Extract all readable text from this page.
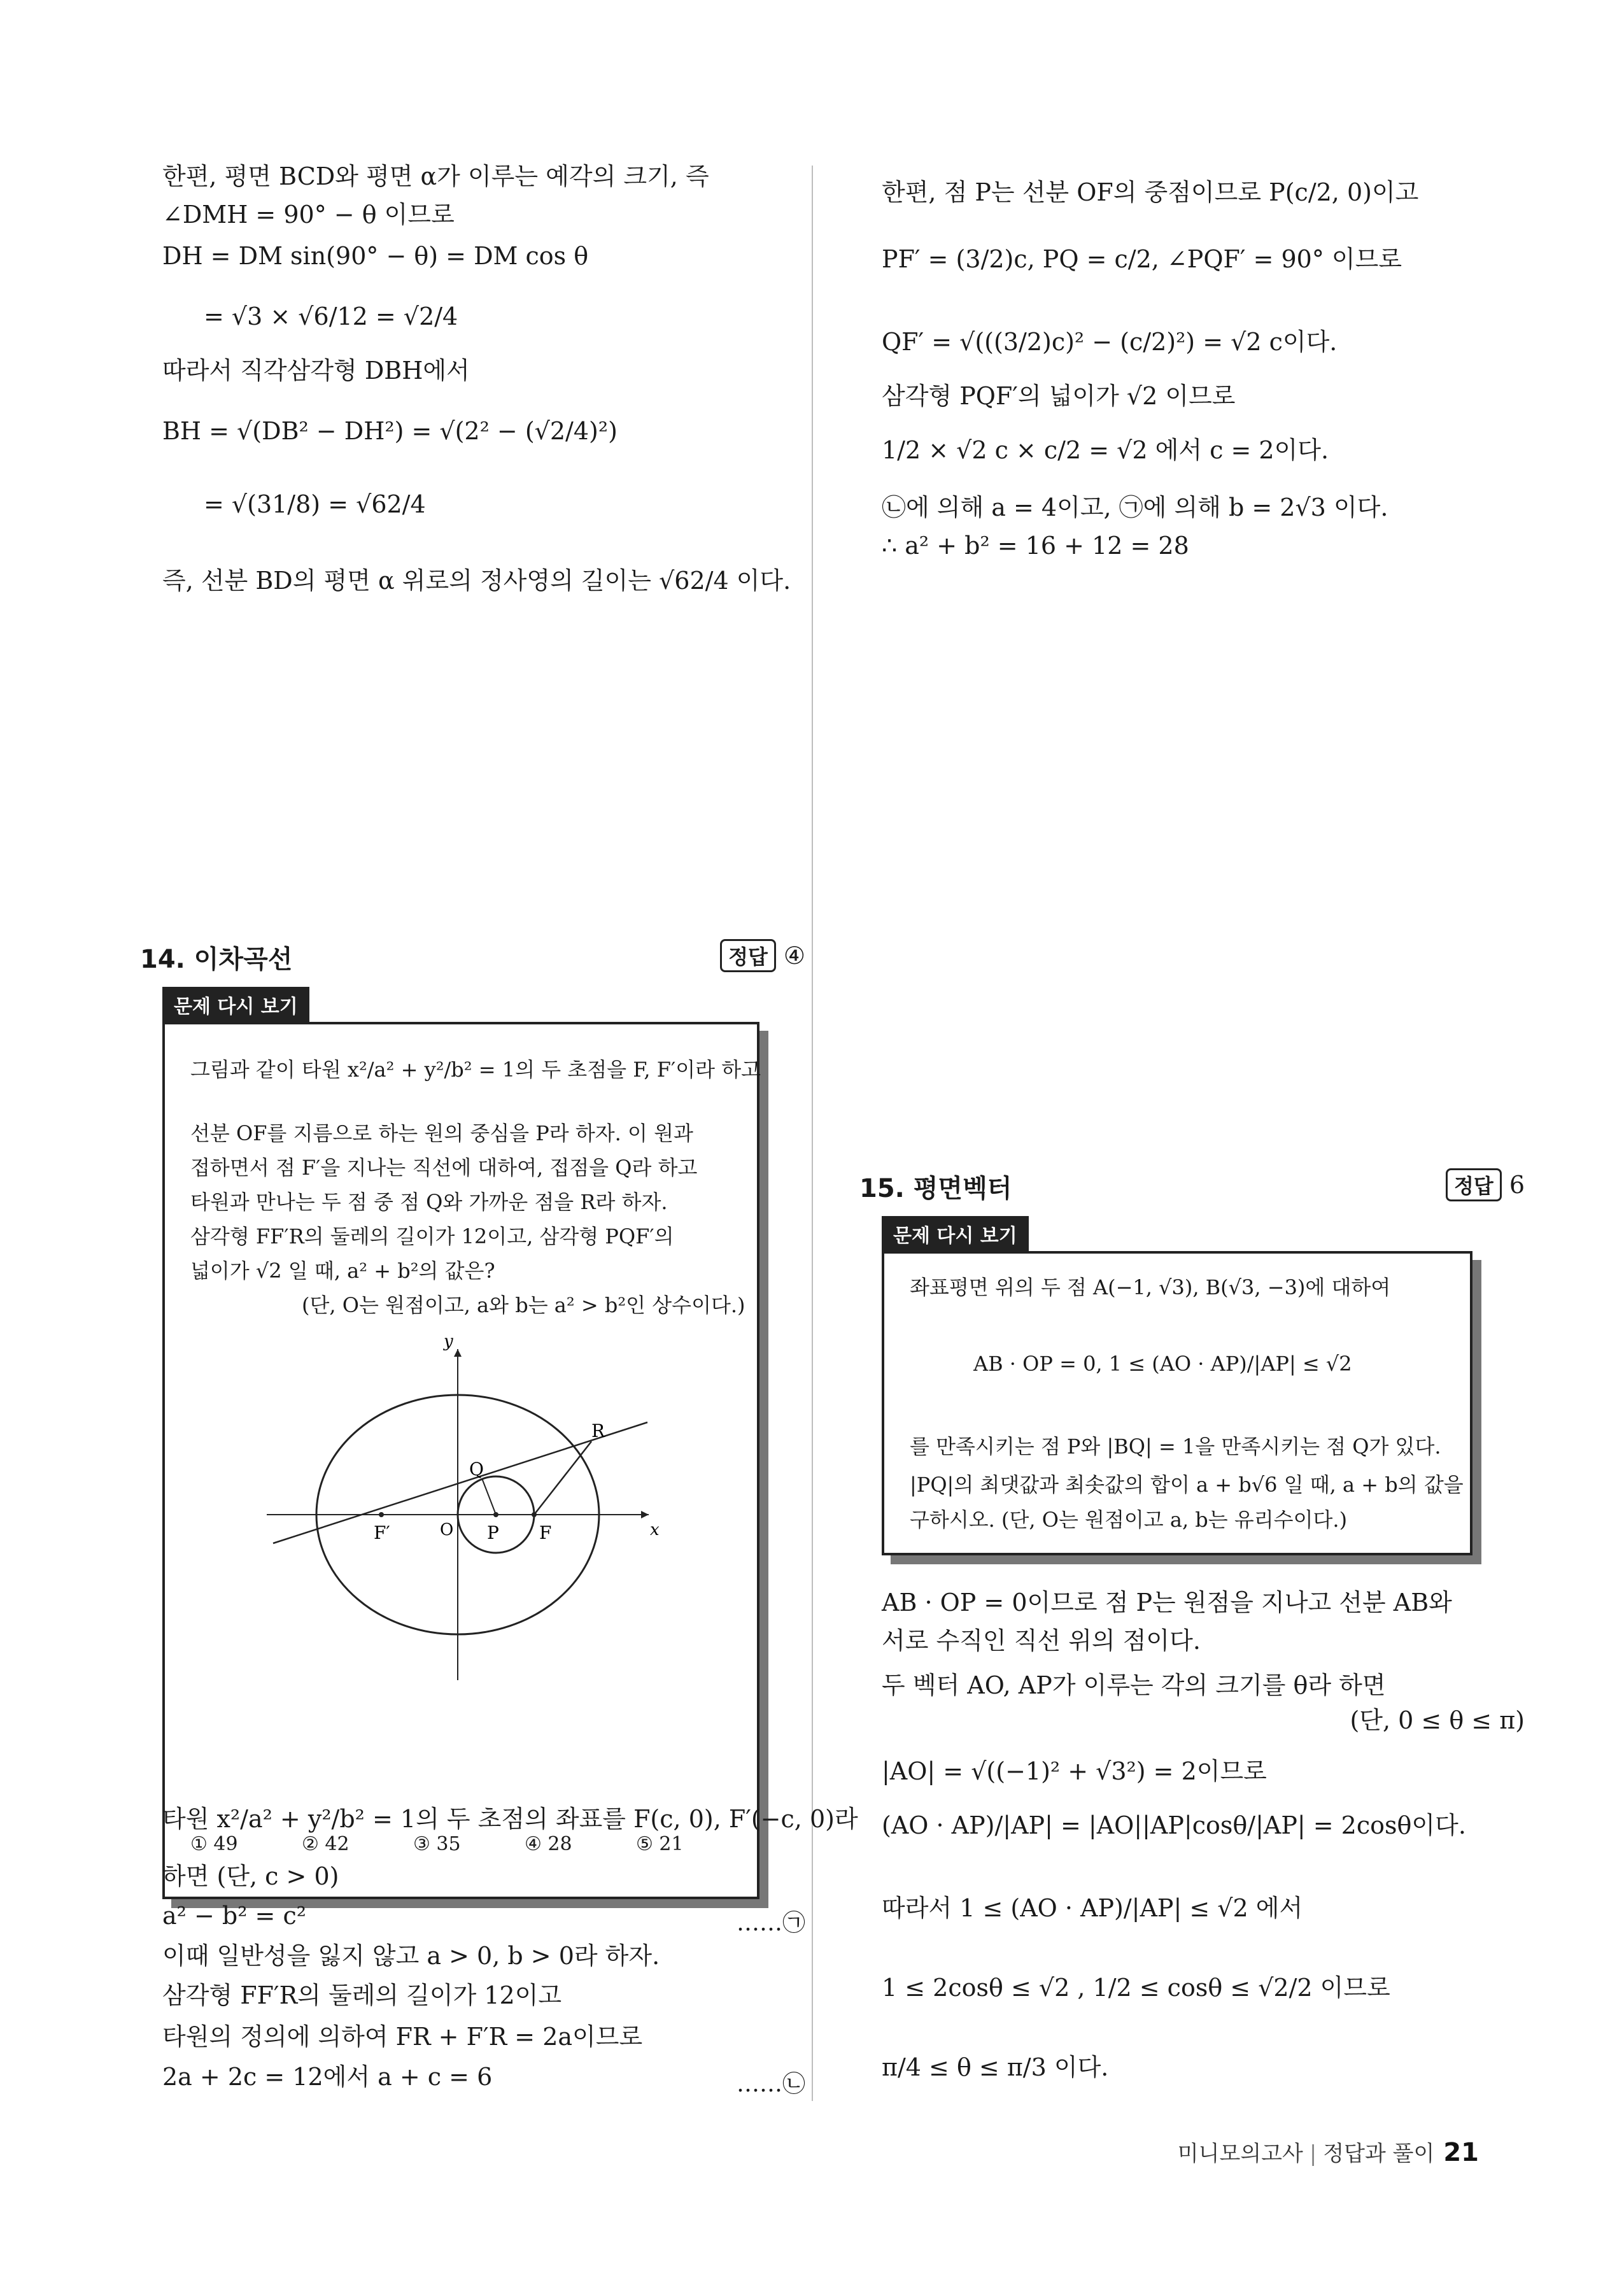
한편, 평면 BCD와 평면 α가 이루는 예각의 크기, 즉
∠DMH = 90° − θ 이므로
DH = DM sin(90° − θ) = DM cos θ
= √3 × √6/12 = √2/4
따라서 직각삼각형 DBH에서
BH = √(DB² − DH²) = √(2² − (√2/4)²)
= √(31/8) = √62/4
즉, 선분 BD의 평면 α 위로의 정사영의 길이는 √62/4 이다.
14. 이차곡선	정답 ④
문제 다시 보기
그림과 같이 타원 x²/a² + y²/b² = 1의 두 초점을 F, F′이라 하고
선분 OF를 지름으로 하는 원의 중심을 P라 하자. 이 원과
접하면서 점 F′을 지나는 직선에 대하여, 접점을 Q라 하고
타원과 만나는 두 점 중 점 Q와 가까운 점을 R라 하자.
삼각형 FF′R의 둘레의 길이가 12이고, 삼각형 PQF′의
넓이가 √2 일 때, a² + b²의 값은?
(단, O는 원점이고, a와 b는 a² > b²인 상수이다.)
y
x
R
Q
F′	O P F
① 49	② 42	③ 35	④ 28	⑤ 21
타원 x²/a² + y²/b² = 1의 두 초점의 좌표를 F(c, 0), F′(−c, 0)라
하면 (단, c > 0)
a² − b² = c²	……㉠
이때 일반성을 잃지 않고 a > 0, b > 0라 하자.
삼각형 FF′R의 둘레의 길이가 12이고
타원의 정의에 의하여 FR + F′R = 2a이므로
2a + 2c = 12에서 a + c = 6	……㉡
한편, 점 P는 선분 OF의 중점이므로 P(c/2, 0)이고
PF′ = (3/2)c, PQ = c/2, ∠PQF′ = 90° 이므로
QF′ = √(((3/2)c)² − (c/2)²) = √2 c이다.
삼각형 PQF′의 넓이가 √2 이므로
1/2 × √2 c × c/2 = √2 에서 c = 2이다.
㉡에 의해 a = 4이고, ㉠에 의해 b = 2√3 이다.
∴ a² + b² = 16 + 12 = 28
15. 평면벡터	정답 6
문제 다시 보기
좌표평면 위의 두 점 A(−1, √3), B(√3, −3)에 대하여
AB · OP = 0, 1 ≤ (AO · AP)/|AP| ≤ √2
를 만족시키는 점 P와 |BQ| = 1을 만족시키는 점 Q가 있다.
|PQ|의 최댓값과 최솟값의 합이 a + b√6 일 때, a + b의 값을
구하시오. (단, O는 원점이고 a, b는 유리수이다.)
AB · OP = 0이므로 점 P는 원점을 지나고 선분 AB와
서로 수직인 직선 위의 점이다.
두 벡터 AO, AP가 이루는 각의 크기를 θ라 하면
(단, 0 ≤ θ ≤ π)
|AO| = √((−1)² + √3²) = 2이므로
(AO · AP)/|AP| = |AO||AP|cosθ/|AP| = 2cosθ이다.
따라서 1 ≤ (AO · AP)/|AP| ≤ √2 에서
1 ≤ 2cosθ ≤ √2 , 1/2 ≤ cosθ ≤ √2/2 이므로
π/4 ≤ θ ≤ π/3 이다.
미니모의고사 | 정답과 풀이 21
